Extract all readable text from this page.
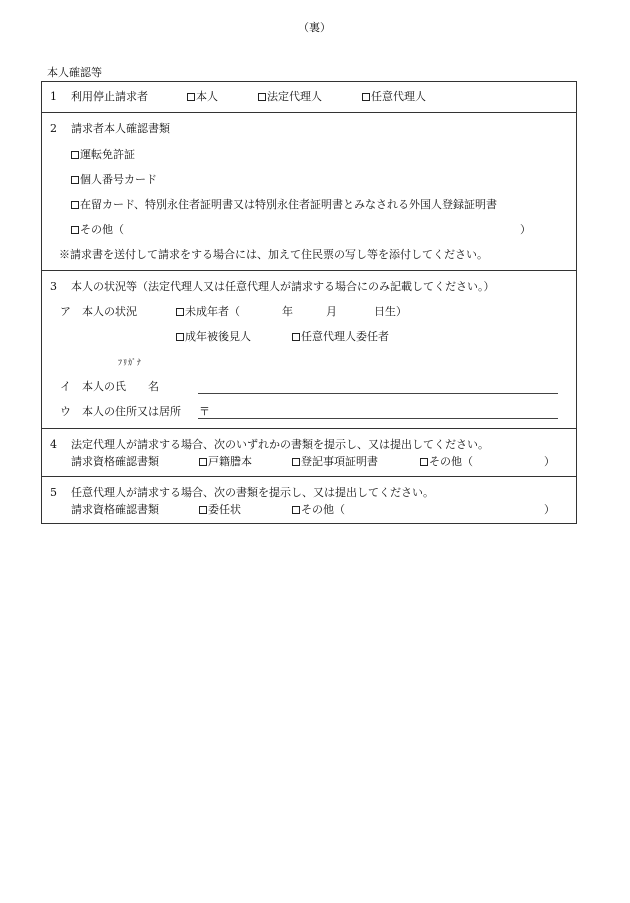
（裏）
本人確認等
1 利用停止請求者	本人	法定代理人	任意代理人
2 請求者本人確認書類
運転免許証
個人番号カード
在留カード、特別永住者証明書又は特別永住者証明書とみなされる外国人登録証明書
その他（	）
※請求書を送付して請求をする場合には、加えて住民票の写し等を添付してください。
3 本人の状況等（法定代理人又は任意代理人が請求する場合にのみ記載してください。）
ア 本人の状況	未成年者（	年	月	日生）
成年被後見人	任意代理人委任者
ﾌﾘｶﾞﾅ
イ 本人の氏　　名
ウ 本人の住所又は居所 〒
4 法定代理人が請求する場合、次のいずれかの書類を提示し、又は提出してください。
請求資格確認書類	戸籍謄本	登記事項証明書	その他（	）
5 任意代理人が請求する場合、次の書類を提示し、又は提出してください。
請求資格確認書類	委任状	その他（	）
